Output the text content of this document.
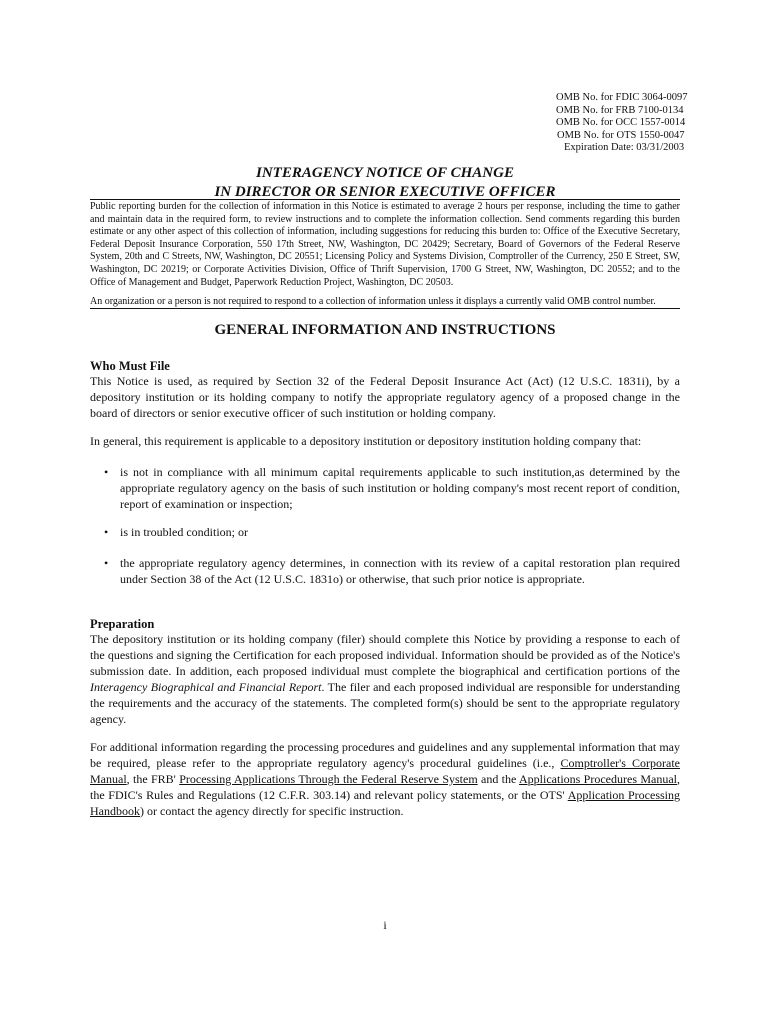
OMB No. for FDIC 3064-0097
OMB No. for FRB 7100-0134
OMB No. for OCC 1557-0014
OMB No. for OTS 1550-0047
Expiration Date: 03/31/2003
INTERAGENCY NOTICE OF CHANGE
IN DIRECTOR OR SENIOR EXECUTIVE OFFICER
Public reporting burden for the collection of information in this Notice is estimated to average 2 hours per response, including the time to gather and maintain data in the required form, to review instructions and to complete the information collection. Send comments regarding this burden estimate or any other aspect of this collection of information, including suggestions for reducing this burden to: Office of the Executive Secretary, Federal Deposit Insurance Corporation, 550 17th Street, NW, Washington, DC 20429; Secretary, Board of Governors of the Federal Reserve System, 20th and C Streets, NW, Washington, DC 20551; Licensing Policy and Systems Division, Comptroller of the Currency, 250 E Street, SW, Washington, DC 20219; or Corporate Activities Division, Office of Thrift Supervision, 1700 G Street, NW, Washington, DC 20552; and to the Office of Management and Budget, Paperwork Reduction Project, Washington, DC 20503.
An organization or a person is not required to respond to a collection of information unless it displays a currently valid OMB control number.
GENERAL INFORMATION AND INSTRUCTIONS
Who Must File
This Notice is used, as required by Section 32 of the Federal Deposit Insurance Act (Act) (12 U.S.C. 1831i), by a depository institution or its holding company to notify the appropriate regulatory agency of a proposed change in the board of directors or senior executive officer of such institution or holding company.
In general, this requirement is applicable to a depository institution or depository institution holding company that:
• is not in compliance with all minimum capital requirements applicable to such institution,as determined by the appropriate regulatory agency on the basis of such institution or holding company's most recent report of condition, report of examination or inspection;
• is in troubled condition; or
• the appropriate regulatory agency determines, in connection with its review of a capital restoration plan required under Section 38 of the Act (12 U.S.C. 1831o) or otherwise, that such prior notice is appropriate.
Preparation
The depository institution or its holding company (filer) should complete this Notice by providing a response to each of the questions and signing the Certification for each proposed individual. Information should be provided as of the Notice's submission date. In addition, each proposed individual must complete the biographical and certification portions of the Interagency Biographical and Financial Report. The filer and each proposed individual are responsible for understanding the requirements and the accuracy of the statements. The completed form(s) should be sent to the appropriate regulatory agency.
For additional information regarding the processing procedures and guidelines and any supplemental information that may be required, please refer to the appropriate regulatory agency's procedural guidelines (i.e., Comptroller's Corporate Manual, the FRB' Processing Applications Through the Federal Reserve System and the Applications Procedures Manual, the FDIC's Rules and Regulations (12 C.F.R. 303.14) and relevant policy statements, or the OTS' Application Processing Handbook) or contact the agency directly for specific instruction.
i
